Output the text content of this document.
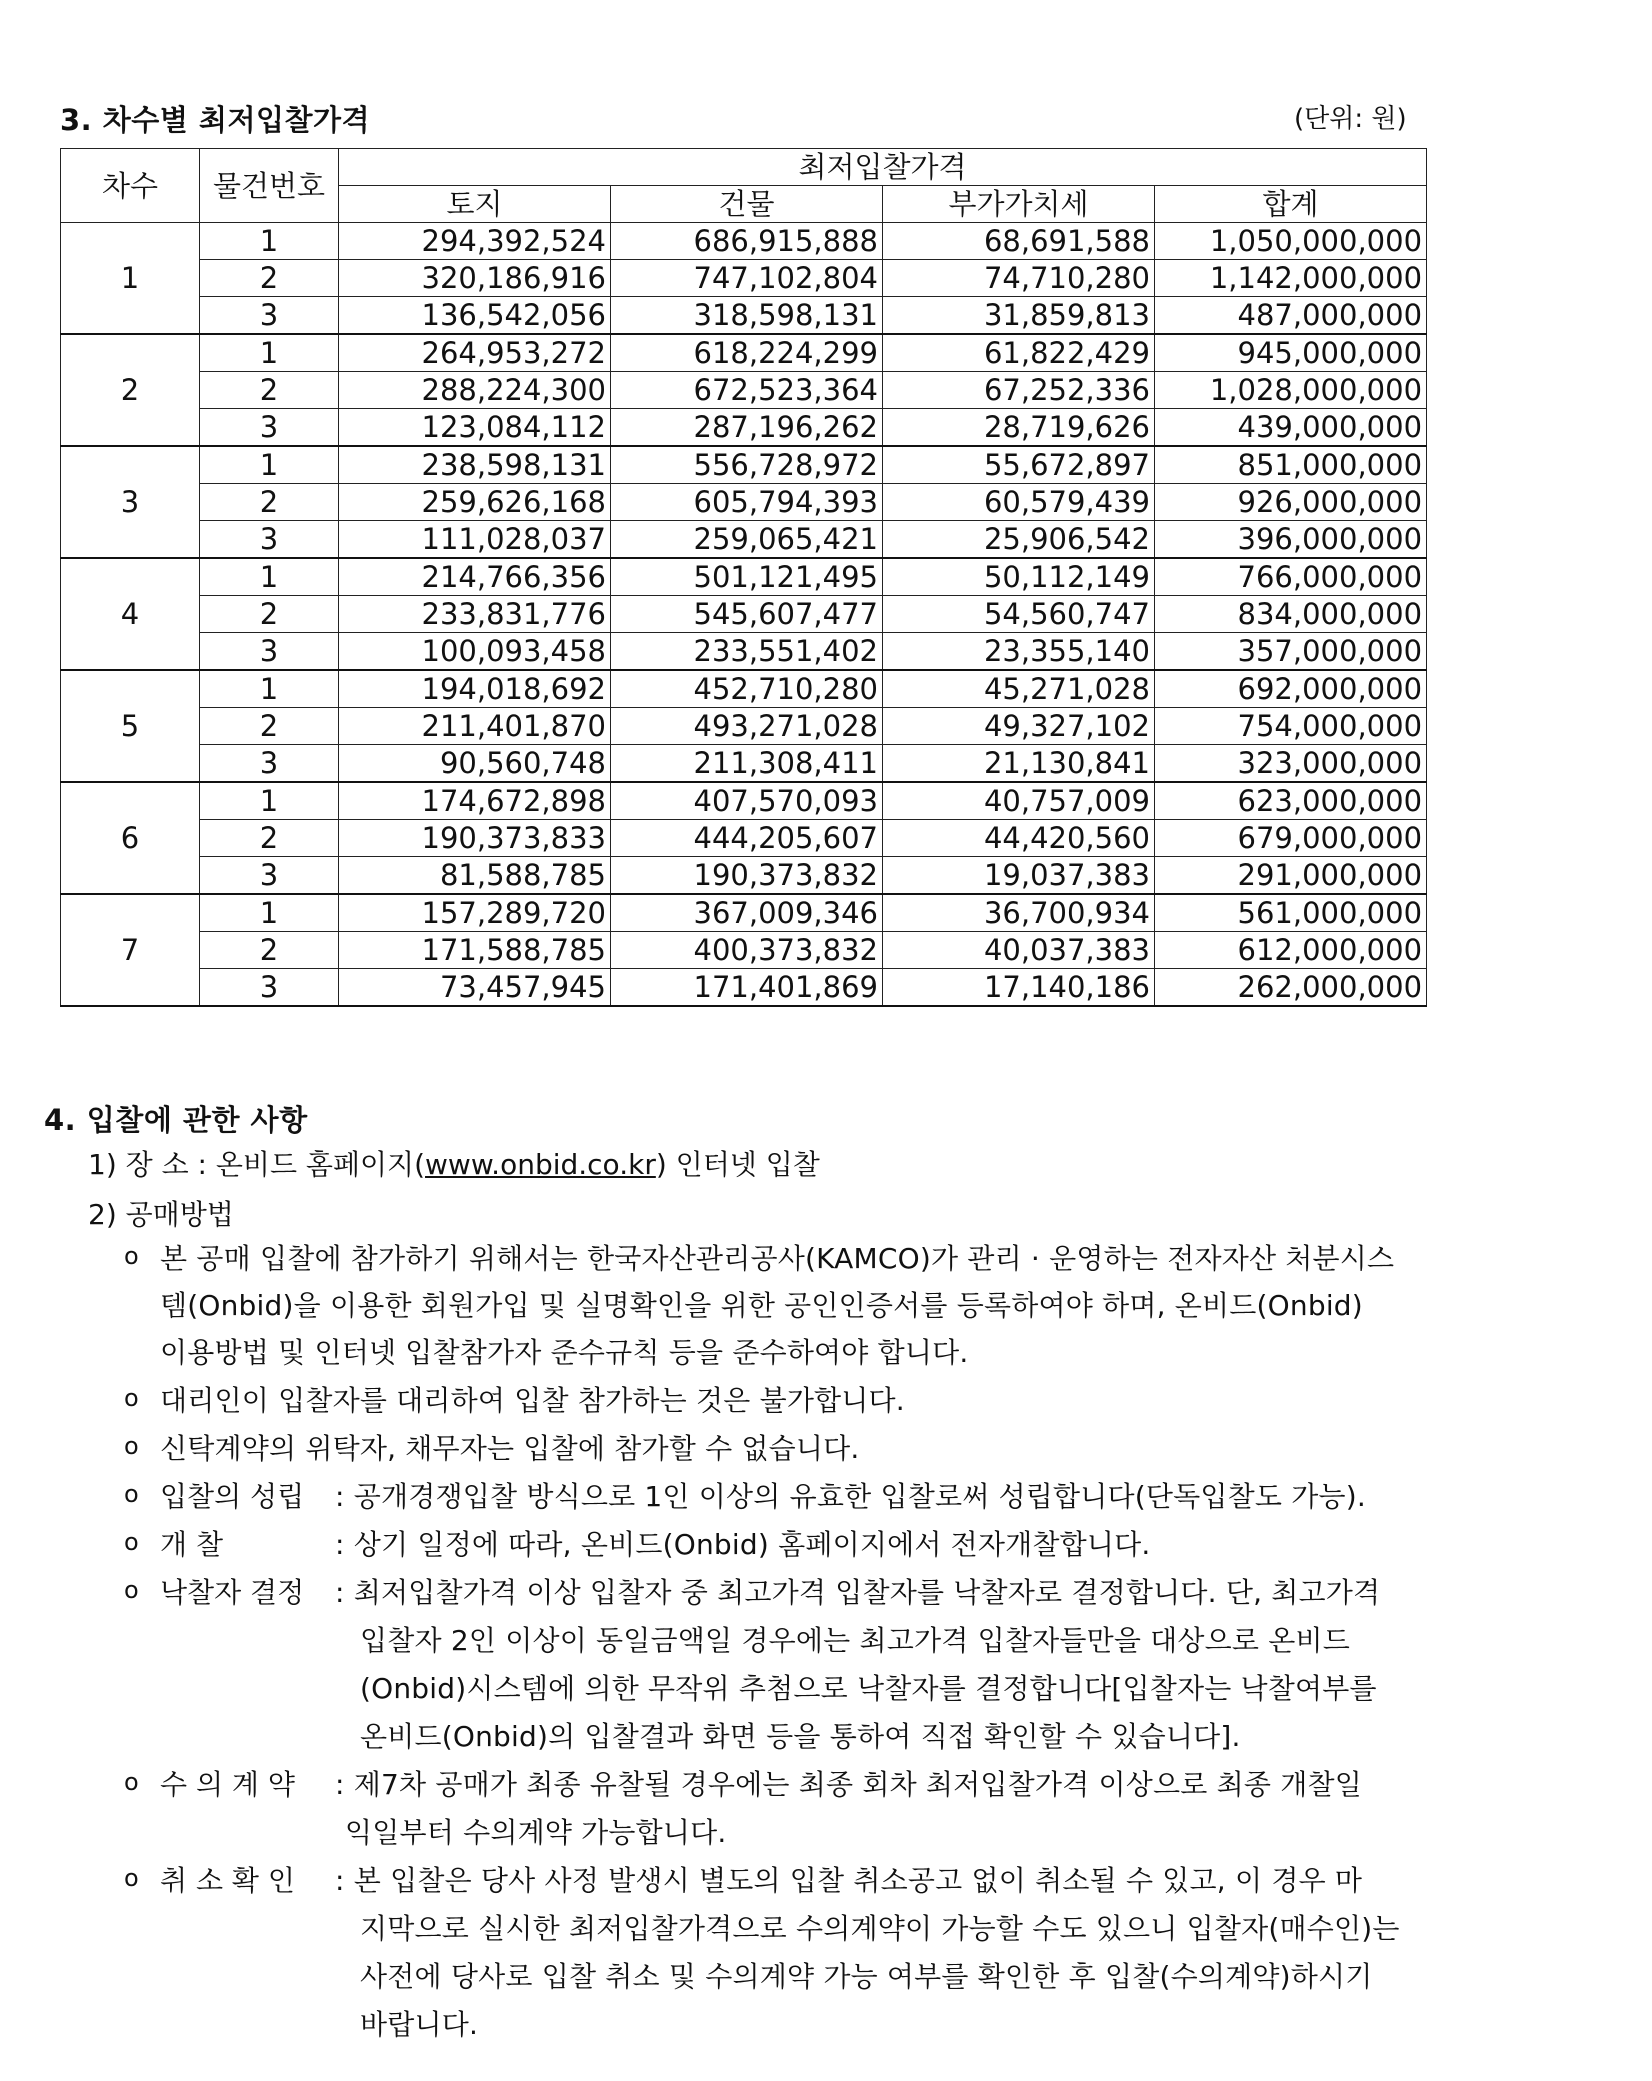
3. 차수별 최저입찰가격	(단위: 원)
차수	물건번호	최저입찰가격			
		토지	건물	부가가치세	합계
1	1	294,392,524	686,915,888	68,691,588	1,050,000,000
	2	320,186,916	747,102,804	74,710,280	1,142,000,000
	3	136,542,056	318,598,131	31,859,813	487,000,000
2	1	264,953,272	618,224,299	61,822,429	945,000,000
	2	288,224,300	672,523,364	67,252,336	1,028,000,000
	3	123,084,112	287,196,262	28,719,626	439,000,000
3	1	238,598,131	556,728,972	55,672,897	851,000,000
	2	259,626,168	605,794,393	60,579,439	926,000,000
	3	111,028,037	259,065,421	25,906,542	396,000,000
4	1	214,766,356	501,121,495	50,112,149	766,000,000
	2	233,831,776	545,607,477	54,560,747	834,000,000
	3	100,093,458	233,551,402	23,355,140	357,000,000
5	1	194,018,692	452,710,280	45,271,028	692,000,000
	2	211,401,870	493,271,028	49,327,102	754,000,000
	3	90,560,748	211,308,411	21,130,841	323,000,000
6	1	174,672,898	407,570,093	40,757,009	623,000,000
	2	190,373,833	444,205,607	44,420,560	679,000,000
	3	81,588,785	190,373,832	19,037,383	291,000,000
7	1	157,289,720	367,009,346	36,700,934	561,000,000
	2	171,588,785	400,373,832	40,037,383	612,000,000
	3	73,457,945	171,401,869	17,140,186	262,000,000
4. 입찰에 관한 사항
1) 장 소 : 온비드 홈페이지(www.onbid.co.kr) 인터넷 입찰
2) 공매방법
o 본 공매 입찰에 참가하기 위해서는 한국자산관리공사(KAMCO)가 관리 · 운영하는 전자자산 처분시스
템(Onbid)을 이용한 회원가입 및 실명확인을 위한 공인인증서를 등록하여야 하며, 온비드(Onbid)
이용방법 및 인터넷 입찰참가자 준수규칙 등을 준수하여야 합니다.
o 대리인이 입찰자를 대리하여 입찰 참가하는 것은 불가합니다.
o 신탁계약의 위탁자, 채무자는 입찰에 참가할 수 없습니다.
o 입찰의 성립 : 공개경쟁입찰 방식으로 1인 이상의 유효한 입찰로써 성립합니다(단독입찰도 가능).
o 개 찰	: 상기 일정에 따라, 온비드(Onbid) 홈페이지에서 전자개찰합니다.
o 낙찰자 결정 : 최저입찰가격 이상 입찰자 중 최고가격 입찰자를 낙찰자로 결정합니다. 단, 최고가격
입찰자 2인 이상이 동일금액일 경우에는 최고가격 입찰자들만을 대상으로 온비드
(Onbid)시스템에 의한 무작위 추첨으로 낙찰자를 결정합니다[입찰자는 낙찰여부를
온비드(Onbid)의 입찰결과 화면 등을 통하여 직접 확인할 수 있습니다].
o 수 의 계 약 : 제7차 공매가 최종 유찰될 경우에는 최종 회차 최저입찰가격 이상으로 최종 개찰일
익일부터 수의계약 가능합니다.
o 취 소 확 인 : 본 입찰은 당사 사정 발생시 별도의 입찰 취소공고 없이 취소될 수 있고, 이 경우 마
지막으로 실시한 최저입찰가격으로 수의계약이 가능할 수도 있으니 입찰자(매수인)는
사전에 당사로 입찰 취소 및 수의계약 가능 여부를 확인한 후 입찰(수의계약)하시기
바랍니다.
